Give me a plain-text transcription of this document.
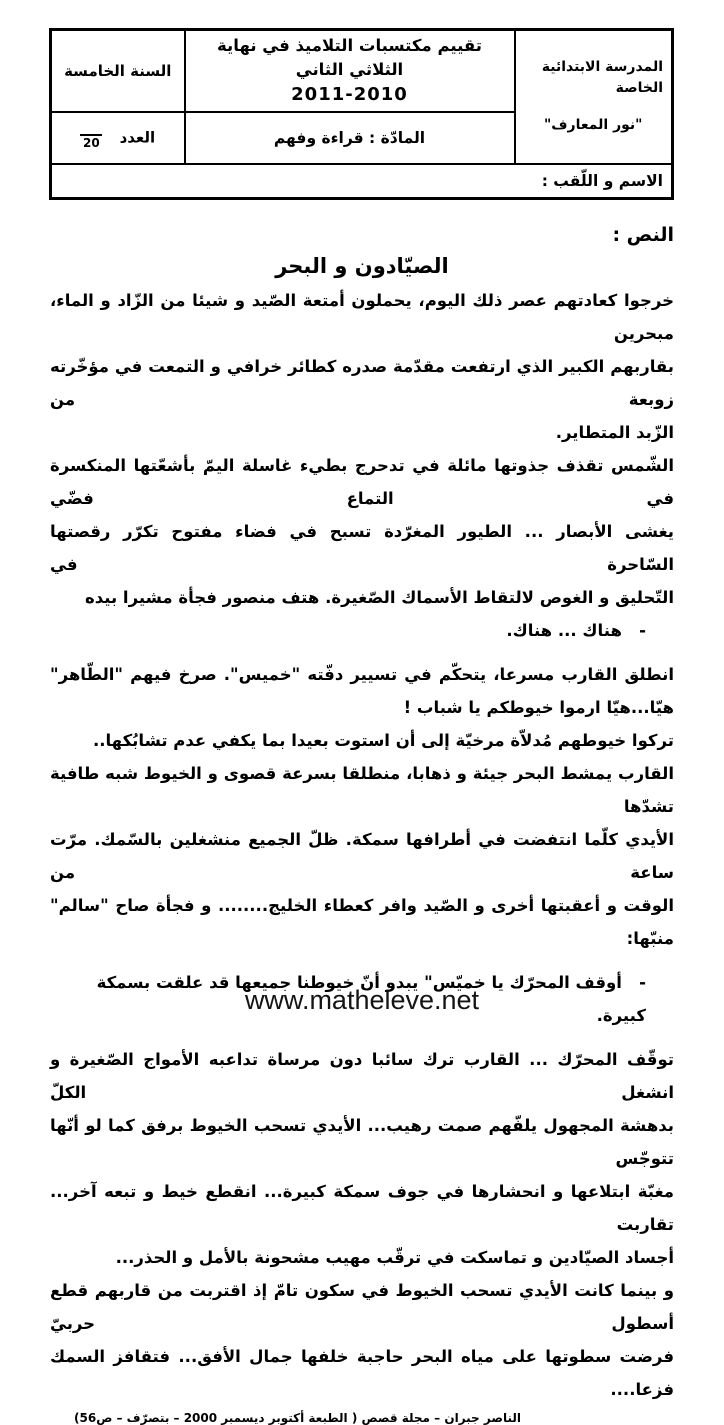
المدرسة الابتدائية الخاصة
"نور المعارف"

تقييم مكتسبات التلاميذ في نهاية الثلاثي الثاني
2011-2010
	السنة الخامسة
	المادّة : قراءة وفهم	العدد
20

الاسم و اللّقب :		
النص :
الصيّادون و البحر
خرجوا كعادتهم عصر ذلك اليوم، يحملون أمتعة الصّيد و شيئا من الزّاد و الماء، مبحرين
بقاربهم الكبير الذي ارتفعت مقدّمة صدره كطائر خرافي و التمعت في مؤخّرته زوبعة من
الزّبد المتطاير.
الشّمس تقذف جذوتها مائلة في تدحرج بطيء غاسلة اليمّ بأشعّتها المنكسرة في التماع فضّي
يغشى الأبصار ... الطيور المغرّدة تسبح في فضاء مفتوح تكرّر رقصتها السّاحرة في
التّحليق و الغوص لالتقاط الأسماك الصّغيرة. هتف منصور فجأة مشيرا بيده
-   هناك ... هناك.
انطلق القارب مسرعا، يتحكّم في تسيير دفّته "خميس". صرخ فيهم "الطّاهر"
هيّا...هيّا ارموا خيوطكم يا شباب !
تركوا خيوطهم مُدلاّة مرخيّة إلى أن استوت بعيدا بما يكفي عدم تشابُكها..
القارب يمشط البحر جيئة و ذهابا، منطلقا بسرعة قصوى و الخيوط شبه طافية تشدّها
الأيدي كلّما انتفضت في أطرافها سمكة. ظلّ الجميع منشغلين بالسّمك. مرّت ساعة من
الوقت و أعقبتها أخرى و الصّيد وافر كعطاء الخليج........ و فجأة صاح "سالم" منبّها:
-   أوقف المحرّك يا خميّس" يبدو أنّ خيوطنا جميعها قد علقت بسمكة كبيرة.
توقّف المحرّك ... القارب ترك سائبا دون مرساة تداعبه الأمواج الصّغيرة و انشغل الكلّ
بدهشة المجهول يلفّهم صمت رهيب... الأيدي تسحب الخيوط برفق كما لو أنّها تتوجّس
مغبّة ابتلاعها و انحشارها في جوف سمكة كبيرة... انقطع خيط و تبعه آخر... تقاربت
أجساد الصيّادين و تماسكت في ترقّب مهيب مشحونة بالأمل و الحذر...
و بينما كانت الأيدي تسحب الخيوط في سكون تامّ إذ اقتربت من قاربهم قطع أسطول حربيّ
فرضت سطوتها على مياه البحر حاجبة خلفها جمال الأفق... فتقافز السمك فزعا....
الناصر جبران – مجلة قصص ( الطبعة أكتوبر ديسمبر 2000 – بتصرّف – ص56)
www.matheleve.net
